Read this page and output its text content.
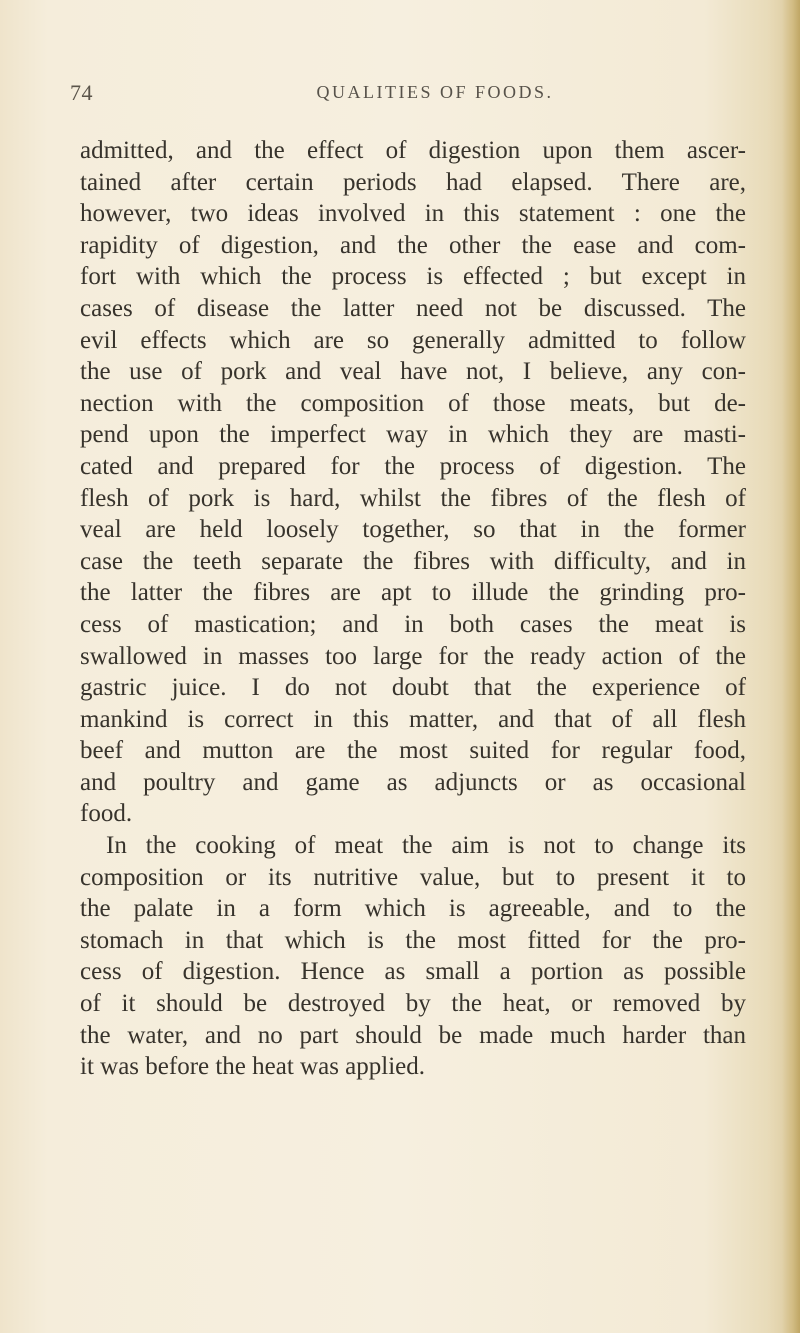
74	QUALITIES OF FOODS.
admitted, and the effect of digestion upon them ascer-
tained after certain periods had elapsed. There are,
however, two ideas involved in this statement : one the
rapidity of digestion, and the other the ease and com-
fort with which the process is effected ; but except in
cases of disease the latter need not be discussed. The
evil effects which are so generally admitted to follow
the use of pork and veal have not, I believe, any con-
nection with the composition of those meats, but de-
pend upon the imperfect way in which they are masti-
cated and prepared for the process of digestion. The
flesh of pork is hard, whilst the fibres of the flesh of
veal are held loosely together, so that in the former
case the teeth separate the fibres with difficulty, and in
the latter the fibres are apt to illude the grinding pro-
cess of mastication; and in both cases the meat is
swallowed in masses too large for the ready action of the
gastric juice. I do not doubt that the experience of
mankind is correct in this matter, and that of all flesh
beef and mutton are the most suited for regular food,
and poultry and game as adjuncts or as occasional
food.
In the cooking of meat the aim is not to change its
composition or its nutritive value, but to present it to
the palate in a form which is agreeable, and to the
stomach in that which is the most fitted for the pro-
cess of digestion. Hence as small a portion as possible
of it should be destroyed by the heat, or removed by
the water, and no part should be made much harder than
it was before the heat was applied.
